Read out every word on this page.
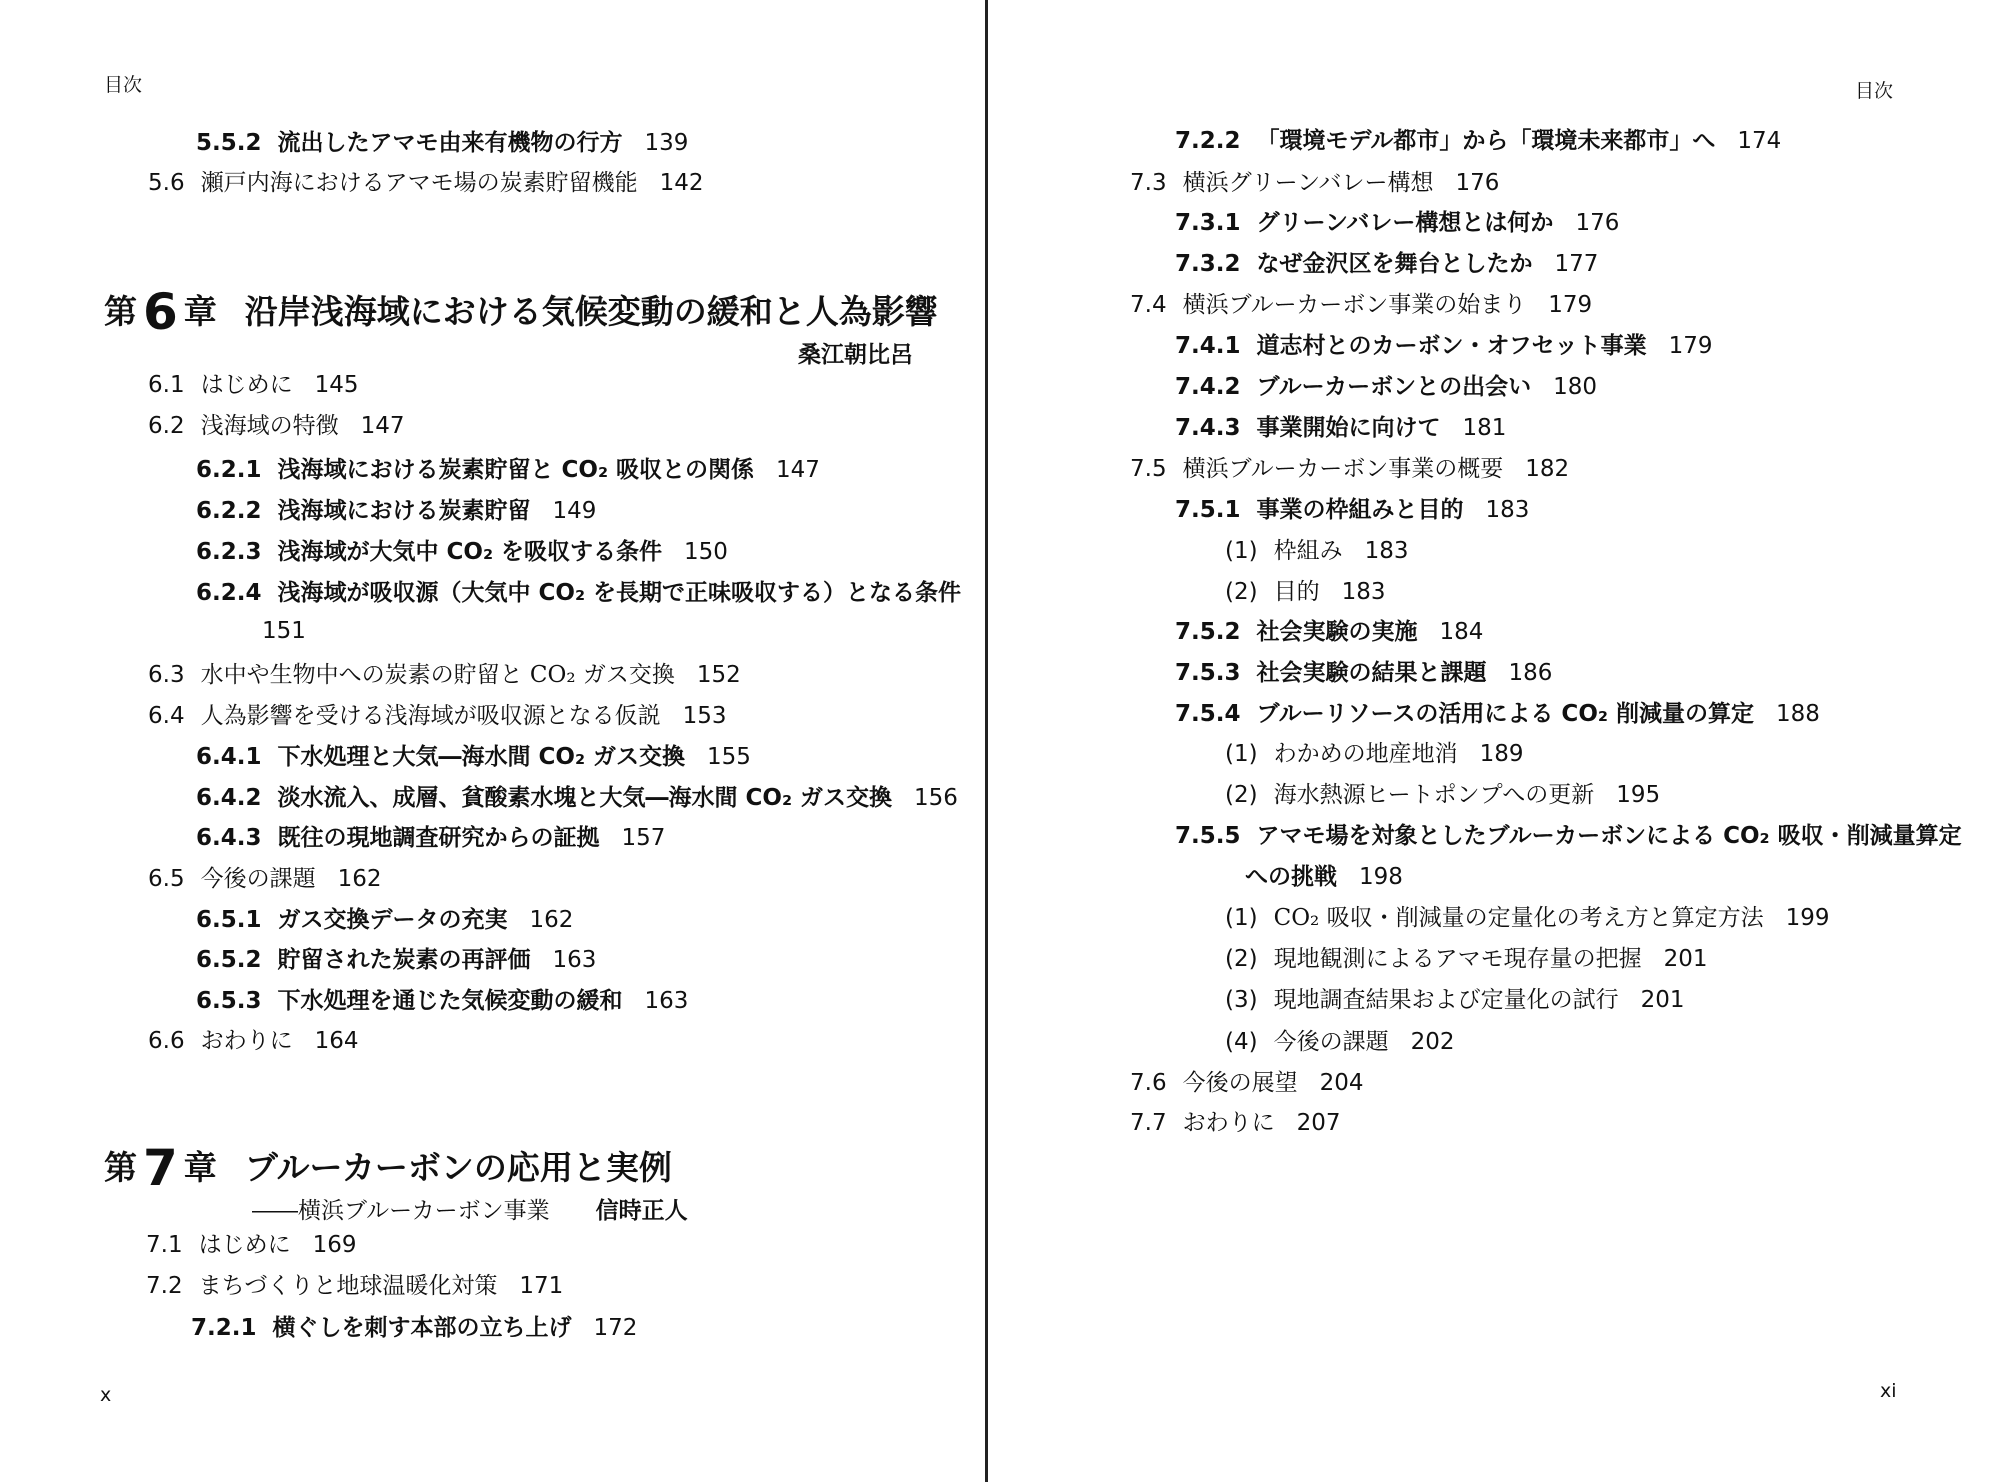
目次
5.5.2 流出したアマモ由来有機物の行方 139
5.6 瀬戸内海におけるアマモ場の炭素貯留機能 142
第 6 章 沿岸浅海域における気候変動の緩和と人為影響
桑江朝比呂
6.1 はじめに 145
6.2 浅海域の特徴 147
6.2.1 浅海域における炭素貯留と CO₂ 吸収との関係 147
6.2.2 浅海域における炭素貯留 149
6.2.3 浅海域が大気中 CO₂ を吸収する条件 150
6.2.4 浅海域が吸収源（大気中 CO₂ を長期で正味吸収する）となる条件
151
6.3 水中や生物中への炭素の貯留と CO₂ ガス交換 152
6.4 人為影響を受ける浅海域が吸収源となる仮説 153
6.4.1 下水処理と大気―海水間 CO₂ ガス交換 155
6.4.2 淡水流入、成層、貧酸素水塊と大気―海水間 CO₂ ガス交換 156
6.4.3 既往の現地調査研究からの証拠 157
6.5 今後の課題 162
6.5.1 ガス交換データの充実 162
6.5.2 貯留された炭素の再評価 163
6.5.3 下水処理を通じた気候変動の緩和 163
6.6 おわりに 164
第 7 章 ブルーカーボンの応用と実例
――横浜ブルーカーボン事業 信時正人
7.1 はじめに 169
7.2 まちづくりと地球温暖化対策 171
7.2.1 横ぐしを刺す本部の立ち上げ 172
x
目次
7.2.2 「環境モデル都市」から「環境未来都市」へ 174
7.3 横浜グリーンバレー構想 176
7.3.1 グリーンバレー構想とは何か 176
7.3.2 なぜ金沢区を舞台としたか 177
7.4 横浜ブルーカーボン事業の始まり 179
7.4.1 道志村とのカーボン・オフセット事業 179
7.4.2 ブルーカーボンとの出会い 180
7.4.3 事業開始に向けて 181
7.5 横浜ブルーカーボン事業の概要 182
7.5.1 事業の枠組みと目的 183
(1) 枠組み 183
(2) 目的 183
7.5.2 社会実験の実施 184
7.5.3 社会実験の結果と課題 186
7.5.4 ブルーリソースの活用による CO₂ 削減量の算定 188
(1) わかめの地産地消 189
(2) 海水熱源ヒートポンプへの更新 195
7.5.5 アマモ場を対象としたブルーカーボンによる CO₂ 吸収・削減量算定
への挑戦 198
(1) CO₂ 吸収・削減量の定量化の考え方と算定方法 199
(2) 現地観測によるアマモ現存量の把握 201
(3) 現地調査結果および定量化の試行 201
(4) 今後の課題 202
7.6 今後の展望 204
7.7 おわりに 207
xi
